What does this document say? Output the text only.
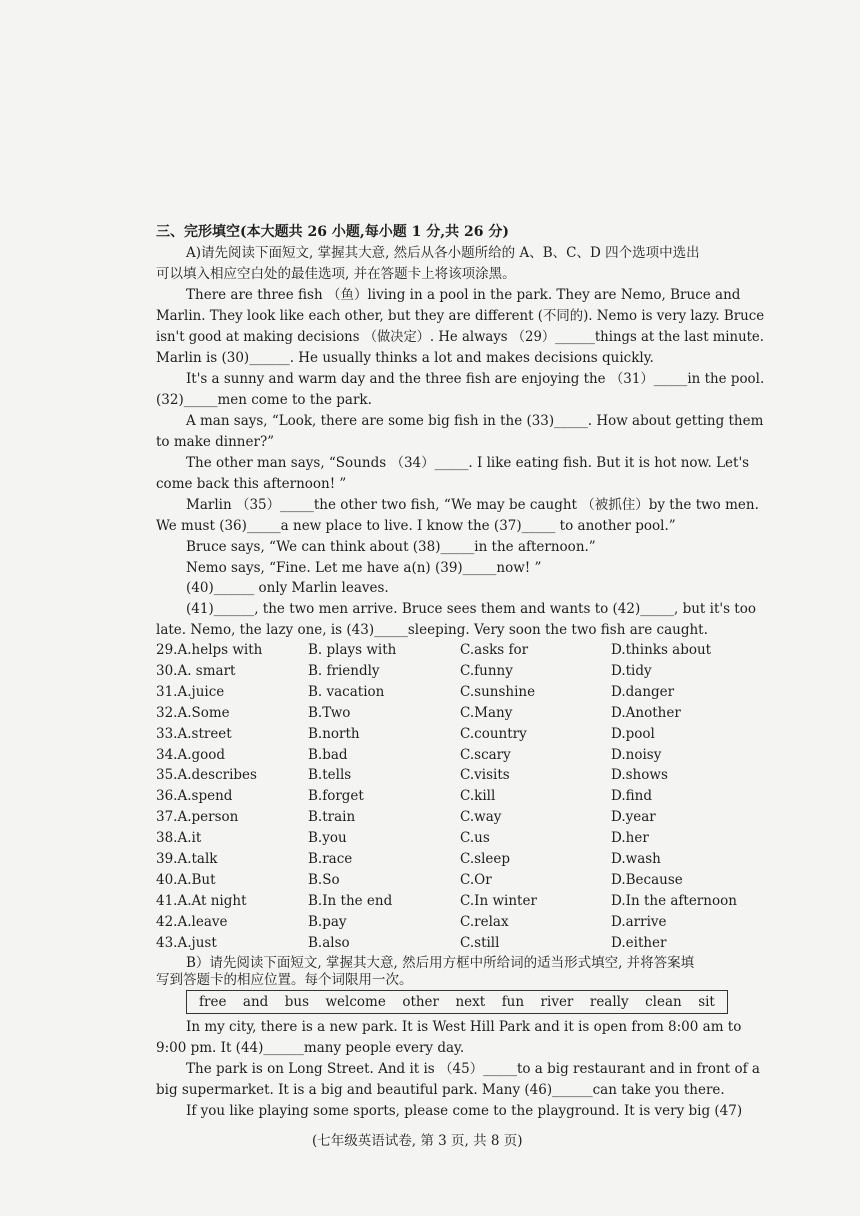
三、完形填空(本大题共 26 小题,每小题 1 分,共 26 分)
A)请先阅读下面短文, 掌握其大意, 然后从各小题所给的 A、B、C、D 四个选项中选出
可以填入相应空白处的最佳选项, 并在答题卡上将该项涂黑。
There are three fish （鱼）living in a pool in the park. They are Nemo, Bruce and
Marlin. They look like each other, but they are different (不同的). Nemo is very lazy. Bruce
isn't good at making decisions （做决定）. He always （29）______things at the last minute.
Marlin is (30)______. He usually thinks a lot and makes decisions quickly.
It's a sunny and warm day and the three fish are enjoying the （31）_____in the pool.
(32)_____men come to the park.
A man says, “Look, there are some big fish in the (33)_____. How about getting them
to make dinner?”
The other man says, “Sounds （34）_____. I like eating fish. But it is hot now. Let's
come back this afternoon! ”
Marlin （35）_____the other two fish, “We may be caught （被抓住）by the two men.
We must (36)_____a new place to live. I know the (37)_____ to another pool.”
Bruce says, “We can think about (38)_____in the afternoon.”
Nemo says, “Fine. Let me have a(n) (39)_____now! ”
(40)______ only Marlin leaves.
(41)______, the two men arrive. Bruce sees them and wants to (42)_____, but it's too
late. Nemo, the lazy one, is (43)_____sleeping. Very soon the two fish are caught.
29.A.helps with	B. plays with	C.asks for	D.thinks about
30.A. smart	B. friendly	C.funny	D.tidy
31.A.juice	B. vacation	C.sunshine	D.danger
32.A.Some	B.Two	C.Many	D.Another
33.A.street	B.north	C.country	D.pool
34.A.good	B.bad	C.scary	D.noisy
35.A.describes	B.tells	C.visits	D.shows
36.A.spend	B.forget	C.kill	D.find
37.A.person	B.train	C.way	D.year
38.A.it	B.you	C.us	D.her
39.A.talk	B.race	C.sleep	D.wash
40.A.But	B.So	C.Or	D.Because
41.A.At night	B.In the end	C.In winter	D.In the afternoon
42.A.leave	B.pay	C.relax	D.arrive
43.A.just	B.also	C.still	D.either
B）请先阅读下面短文, 掌握其大意, 然后用方框中所给词的适当形式填空, 并将答案填
写到答题卡的相应位置。每个词限用一次。
free and bus welcome other next fun river really clean sit
In my city, there is a new park. It is West Hill Park and it is open from 8:00 am to
9:00 pm. It (44)______many people every day.
The park is on Long Street. And it is （45）_____to a big restaurant and in front of a
big supermarket. It is a big and beautiful park. Many (46)______can take you there.
If you like playing some sports, please come to the playground. It is very big (47)
(七年级英语试卷, 第 3 页, 共 8 页)
